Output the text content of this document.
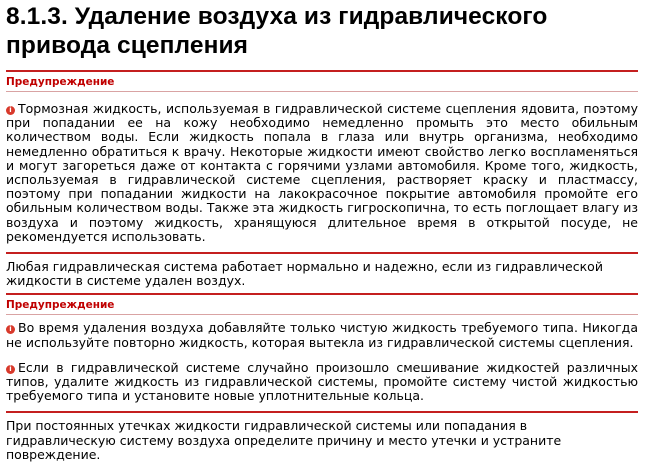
8.1.3. Удаление воздуха из гидравлического привода сцепления
Предупреждение

i Тормозная жидкость, используемая в гидравлической системе сцепления ядовита, поэтому при попадании ее на кожу необходимо немедленно промыть это место обильным количеством воды. Если жидкость попала в глаза или внутрь организма, необходимо немедленно обратиться к врачу. Некоторые жидкости имеют свойство легко воспламеняться и могут загореться даже от контакта с горячими узлами автомобиля. Кроме того, жидкость, используемая в гидравлической системе сцепления, растворяет краску и пластмассу, поэтому при попадании жидкости на лакокрасочное покрытие автомобиля промойте его обильным количеством воды. Также эта жидкость гигроскопична, то есть поглощает влагу из воздуха и поэтому жидкость, хранящуюся длительное время в открытой посуде, не рекомендуется использовать.

Любая гидравлическая система работает нормально и надежно, если из гидравлической жидкости в системе удален воздух.

Предупреждение

i Во время удаления воздуха добавляйте только чистую жидкость требуемого типа. Никогда не используйте повторно жидкость, которая вытекла из гидравлической системы сцепления.

i Если в гидравлической системе случайно произошло смешивание жидкостей различных типов, удалите жидкость из гидравлической системы, промойте систему чистой жидкостью требуемого типа и установите новые уплотнительные кольца.

При постоянных утечках жидкости гидравлической системы или попадания в гидравлическую систему воздуха определите причину и место утечки и устраните повреждение.
